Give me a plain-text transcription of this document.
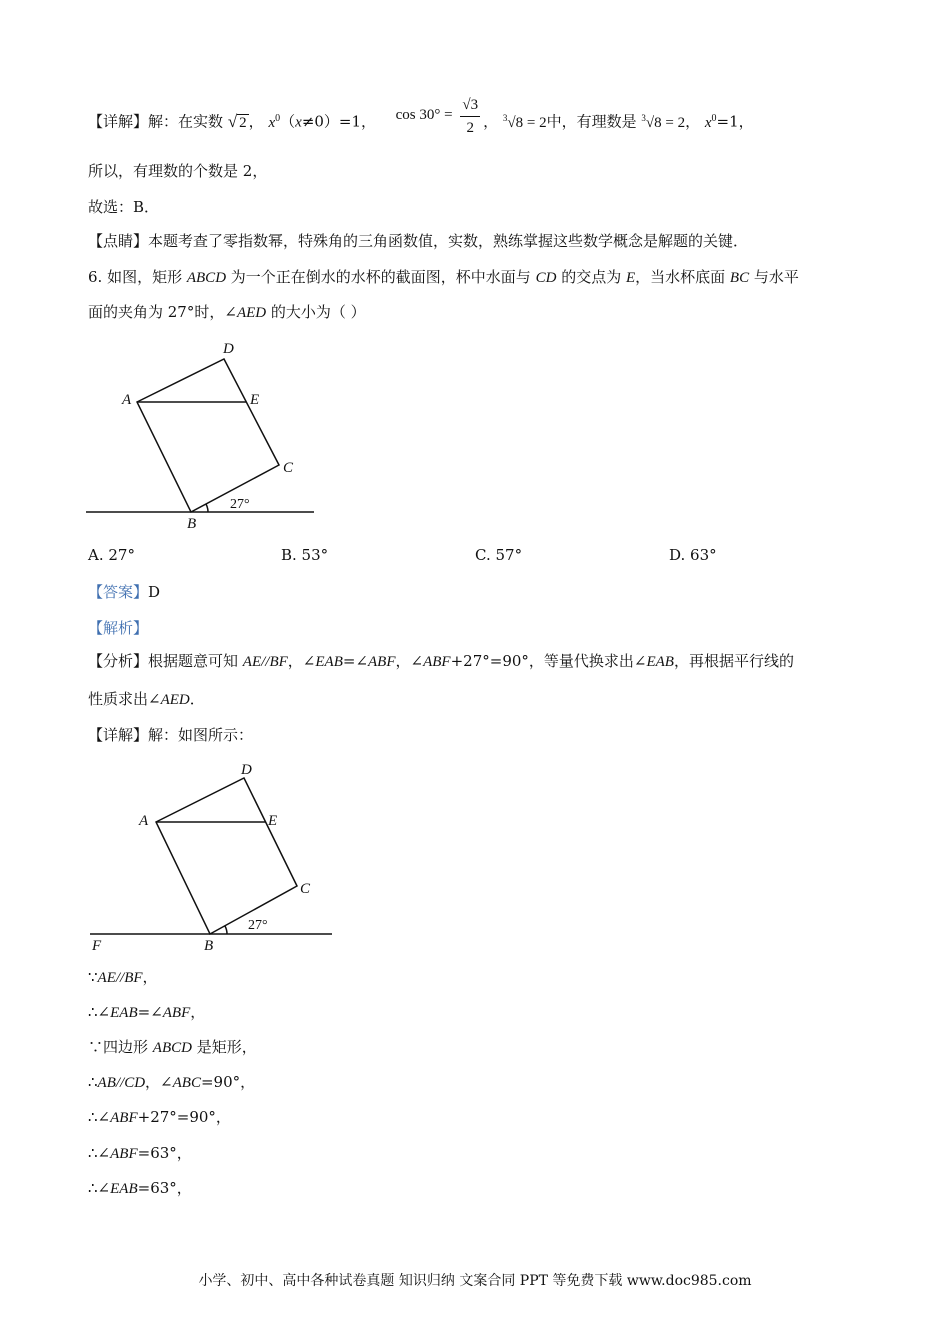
【详解】解：在实数 √ 2 ， $x^0(x\ne 0)=1$， $\cos 30^\circ = \frac{√3}{2}$ ， $^3$√8 = 2中，有理数是 $^3$√8 = 2， $x^0=1$，
所以，有理数的个数是 2，
故选：B．
【点睛】本题考查了零指数幂，特殊角的三角函数值，实数，熟练掌握这些数学概念是解题的关键．
6. 如图，矩形 ABCD 为一个正在倒水的水杯的截面图，杯中水面与 CD 的交点为 E，当水杯底面 BC 与水平
面的夹角为 27°时，∠AED 的大小为（ ）
A
D
E
C
B
27°
A. 27°	B. 53°	C. 57°	D. 63°
【答案】D
【解析】
【分析】根据题意可知 AE//BF，∠EAB=∠ABF，∠ABF+27°=90°，等量代换求出∠EAB，再根据平行线的
性质求出∠AED．
【详解】解：如图所示：
A
D
E
C
B
F
27°
∵AE//BF，
∴∠EAB=∠ABF，
∵四边形 ABCD 是矩形，
∴AB//CD，∠ABC=90°，
∴∠ABF+27°=90°，
∴∠ABF=63°，
∴∠EAB=63°，
小学、初中、高中各种试卷真题 知识归纳 文案合同 PPT 等免费下载 www.doc985.com
